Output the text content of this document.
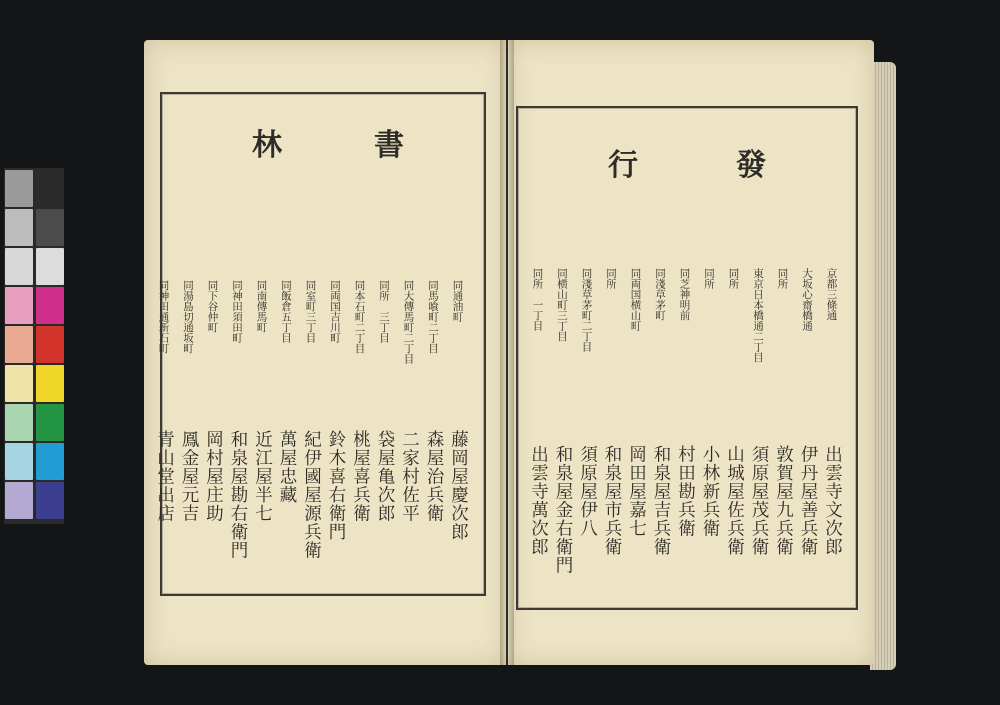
書
林
同通油町
藤岡屋慶次郎
同馬喰町二丁目
森屋治兵衛
同大傳馬町二丁目
二家村佐平
同所　三丁目
袋屋亀次郎
同本石町二丁目
桃屋喜兵衛
同両国吉川町
鈴木喜右衛門
同室町三丁目
紀伊國屋源兵衛
同飯倉五丁目
萬屋忠藏
同南傳馬町
近江屋半七
同神田須田町
和泉屋勘右衛門
同下谷仲町
岡村屋庄助
同湯島切通坂町
鳳金屋元吉
同神田通新石町
青山堂出店
發
行
京都三條通
出雲寺文次郎
大坂心齋橋通
伊丹屋善兵衛
同所
敦賀屋九兵衛
東京日本橋通二丁目
須原屋茂兵衛
同所
山城屋佐兵衛
同所
小林新兵衛
同芝神明前
村田勘兵衛
同淺草茅町
和泉屋吉兵衛
同両国横山町
岡田屋嘉七
同所
和泉屋市兵衛
同淺草茅町二丁目
須原屋伊八
同横山町三丁目
和泉屋金右衛門
同所　一丁目
出雲寺萬次郎
